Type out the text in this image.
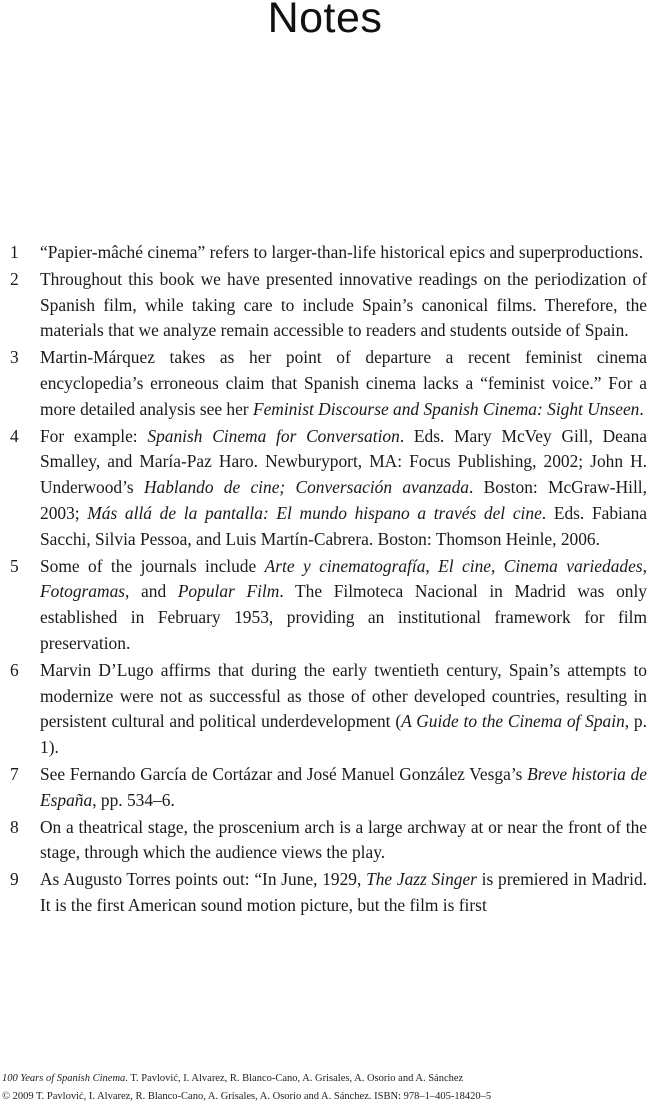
Notes
1 “Papier-mâché cinema” refers to larger-than-life historical epics and superproductions.
2 Throughout this book we have presented innovative readings on the periodization of Spanish film, while taking care to include Spain’s canonical films. Therefore, the materials that we analyze remain accessible to readers and students outside of Spain.
3 Martin-Márquez takes as her point of departure a recent feminist cinema encyclopedia’s erroneous claim that Spanish cinema lacks a “feminist voice.” For a more detailed analysis see her Feminist Discourse and Spanish Cinema: Sight Unseen.
4 For example: Spanish Cinema for Conversation. Eds. Mary McVey Gill, Deana Smalley, and María-Paz Haro. Newburyport, MA: Focus Publishing, 2002; John H. Underwood’s Hablando de cine; Conversación avanzada. Boston: McGraw-Hill, 2003; Más allá de la pantalla: El mundo hispano a través del cine. Eds. Fabiana Sacchi, Silvia Pessoa, and Luis Martín-Cabrera. Boston: Thomson Heinle, 2006.
5 Some of the journals include Arte y cinematografía, El cine, Cinema variedades, Fotogramas, and Popular Film. The Filmoteca Nacional in Madrid was only established in February 1953, providing an institutional framework for film preservation.
6 Marvin D’Lugo affirms that during the early twentieth century, Spain’s attempts to modernize were not as successful as those of other developed countries, resulting in persistent cultural and political underdevelopment (A Guide to the Cinema of Spain, p. 1).
7 See Fernando García de Cortázar and José Manuel González Vesga’s Breve historia de España, pp. 534–6.
8 On a theatrical stage, the proscenium arch is a large archway at or near the front of the stage, through which the audience views the play.
9 As Augusto Torres points out: “In June, 1929, The Jazz Singer is premiered in Madrid. It is the first American sound motion picture, but the film is first
100 Years of Spanish Cinema. T. Pavlović, I. Alvarez, R. Blanco-Cano, A. Grisales, A. Osorio and A. Sánchez
© 2009 T. Pavlović, I. Alvarez, R. Blanco-Cano, A. Grisales, A. Osorio and A. Sánchez. ISBN: 978–1–405-18420–5
